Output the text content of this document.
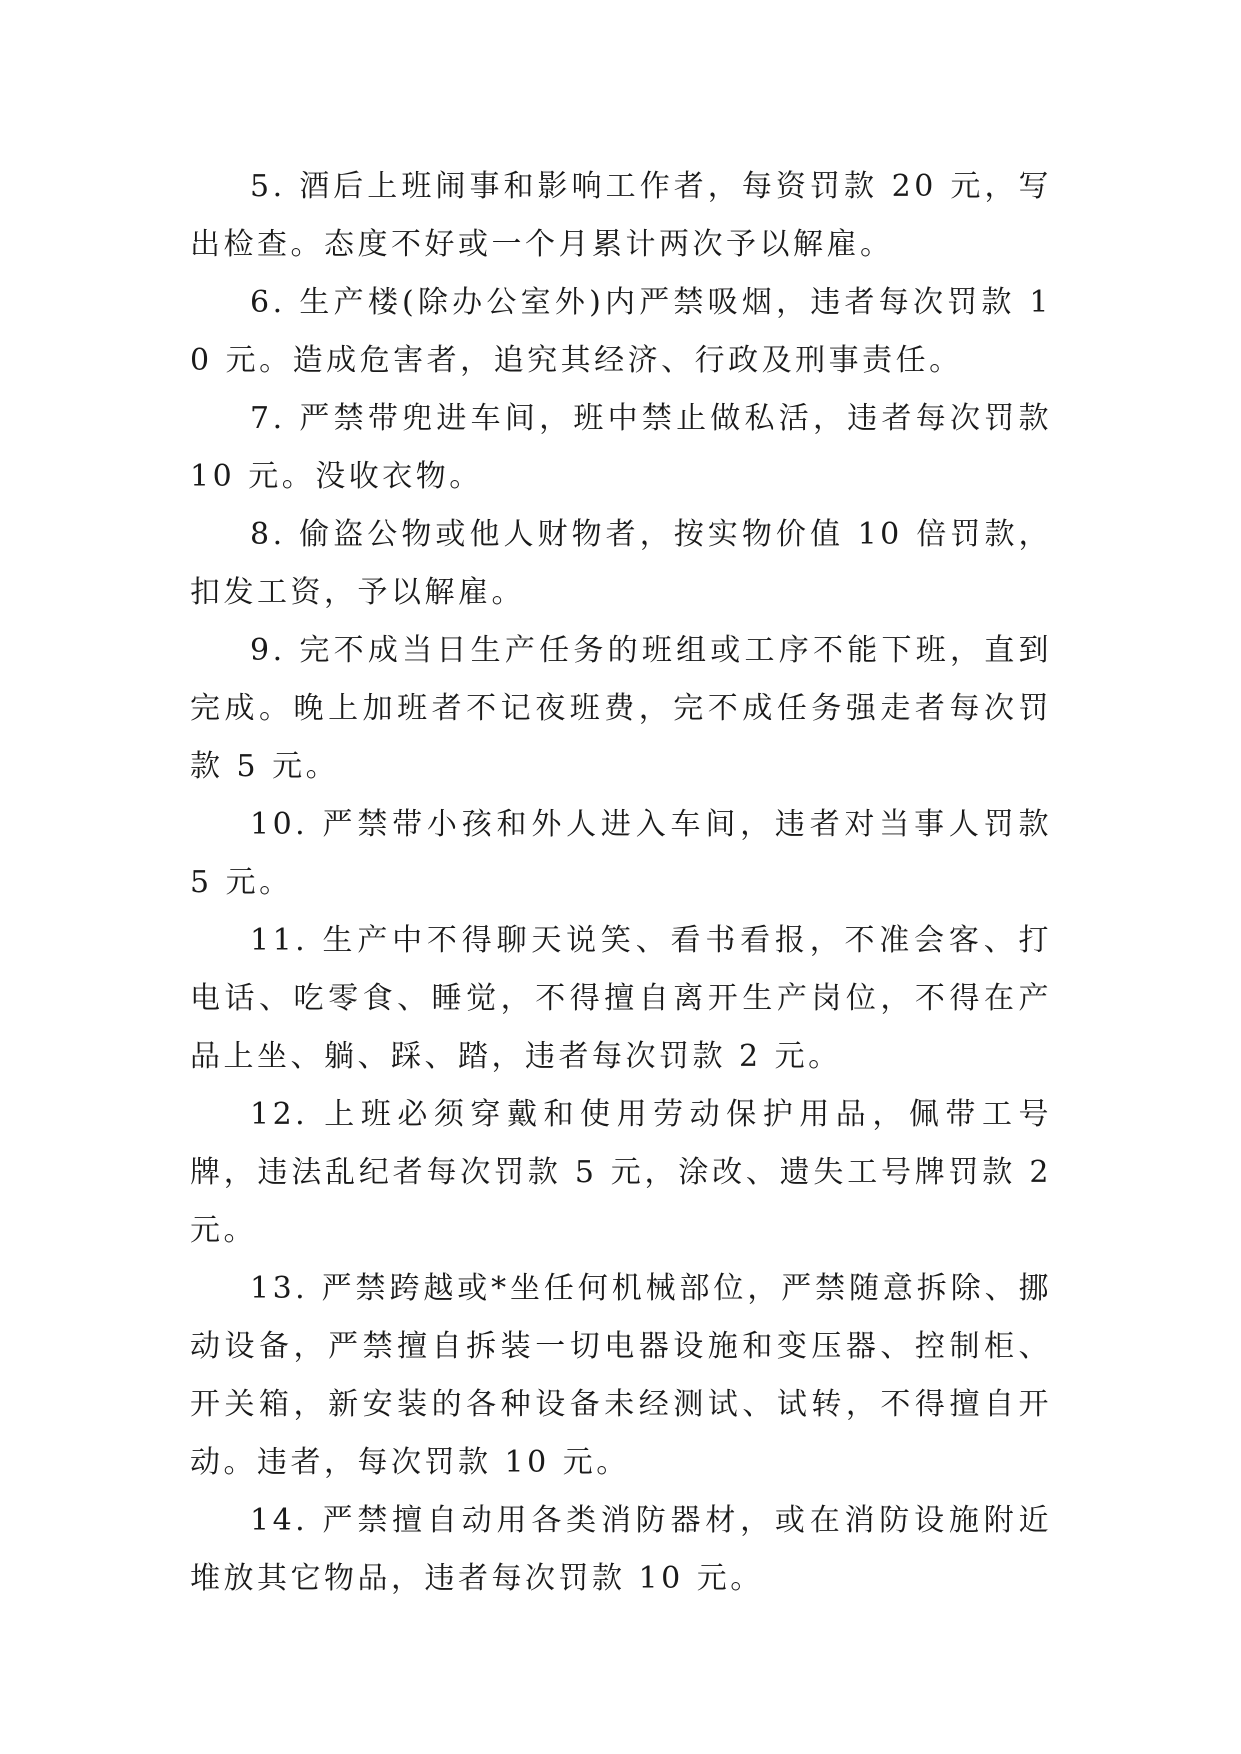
5. 酒后上班闹事和影响工作者，每资罚款 20 元，写出检查。态度不好或一个月累计两次予以解雇。

6. 生产楼(除办公室外)内严禁吸烟，违者每次罚款 10 元。造成危害者，追究其经济、行政及刑事责任。

7. 严禁带兜进车间，班中禁止做私活，违者每次罚款 10 元。没收衣物。

8. 偷盗公物或他人财物者，按实物价值 10 倍罚款，扣发工资，予以解雇。

9. 完不成当日生产任务的班组或工序不能下班，直到完成。晚上加班者不记夜班费，完不成任务强走者每次罚款 5 元。

10. 严禁带小孩和外人进入车间，违者对当事人罚款 5 元。

11. 生产中不得聊天说笑、看书看报，不准会客、打电话、吃零食、睡觉，不得擅自离开生产岗位，不得在产品上坐、躺、踩、踏，违者每次罚款 2 元。

12. 上班必须穿戴和使用劳动保护用品，佩带工号牌，违法乱纪者每次罚款 5 元，涂改、遗失工号牌罚款 2 元。

13. 严禁跨越或*坐任何机械部位，严禁随意拆除、挪动设备，严禁擅自拆装一切电器设施和变压器、控制柜、开关箱，新安装的各种设备未经测试、试转，不得擅自开动。违者，每次罚款 10 元。

14. 严禁擅自动用各类消防器材，或在消防设施附近堆放其它物品，违者每次罚款 10 元。
